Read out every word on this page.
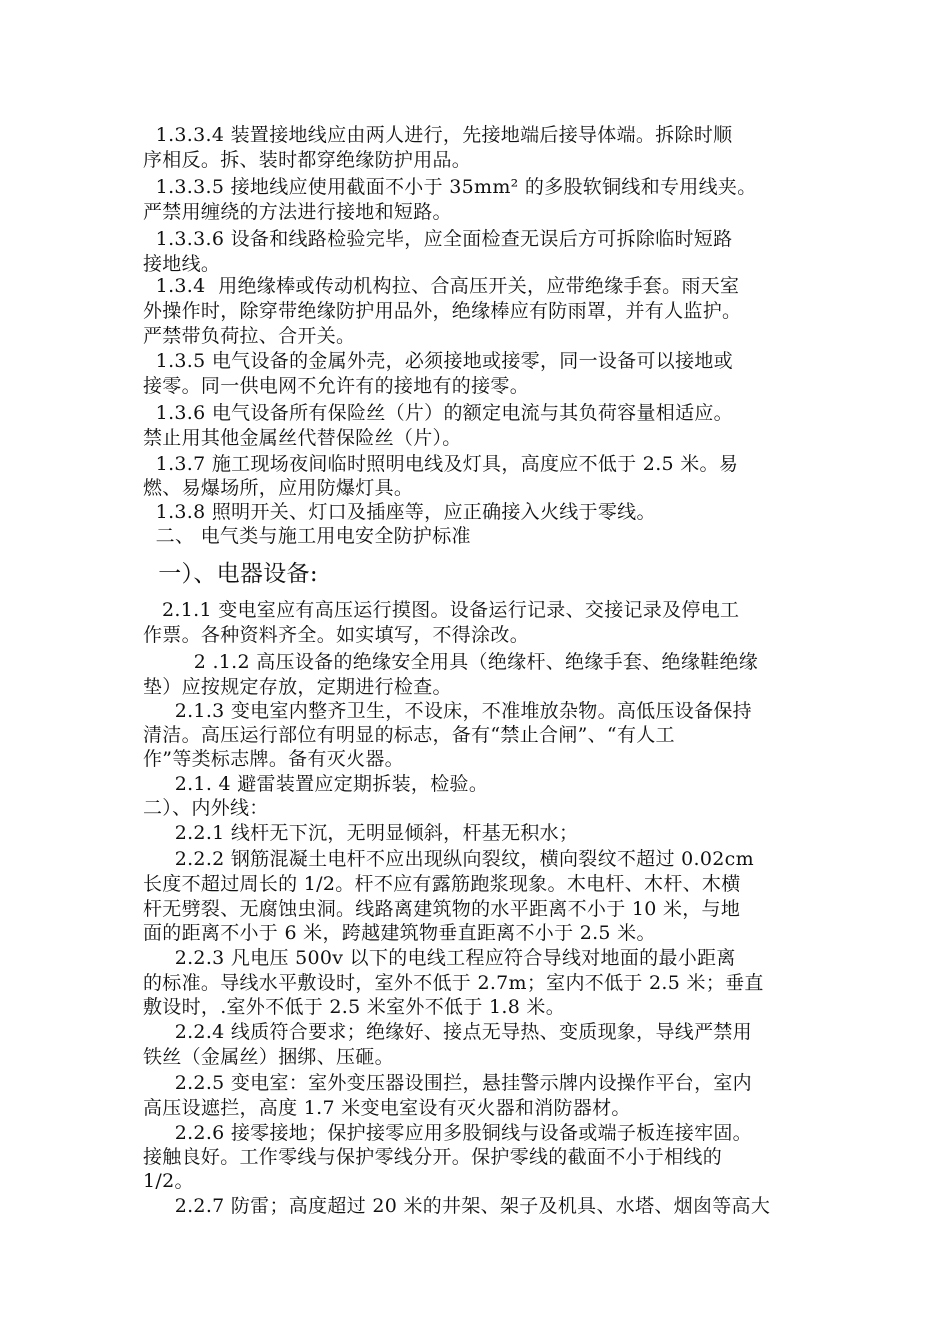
1.3.3.4 装置接地线应由两人进行，先接地端后接导体端。拆除时顺
序相反。拆、装时都穿绝缘防护用品。
1.3.3.5 接地线应使用截面不小于 35mm² 的多股软铜线和专用线夹。
严禁用缠绕的方法进行接地和短路。
1.3.3.6 设备和线路检验完毕，应全面检查无误后方可拆除临时短路
接地线。
1.3.4  用绝缘棒或传动机构拉、合高压开关，应带绝缘手套。雨天室
外操作时，除穿带绝缘防护用品外，绝缘棒应有防雨罩，并有人监护。
严禁带负荷拉、合开关。
1.3.5 电气设备的金属外壳，必须接地或接零，同一设备可以接地或
接零。同一供电网不允许有的接地有的接零。
1.3.6 电气设备所有保险丝（片）的额定电流与其负荷容量相适应。
禁止用其他金属丝代替保险丝（片）。
1.3.7 施工现场夜间临时照明电线及灯具，高度应不低于 2.5 米。易
燃、易爆场所，应用防爆灯具。
1.3.8 照明开关、灯口及插座等，应正确接入火线于零线。
二、 电气类与施工用电安全防护标准
一）、电器设备:
2.1.1 变电室应有高压运行摸图。设备运行记录、交接记录及停电工
作票。各种资料齐全。如实填写，不得涂改。
2 .1.2 高压设备的绝缘安全用具（绝缘杆、绝缘手套、绝缘鞋绝缘
垫）应按规定存放，定期进行检查。
2.1.3 变电室内整齐卫生，不设床，不准堆放杂物。高低压设备保持
清洁。高压运行部位有明显的标志，备有“禁止合闸”、“有人工
作”等类标志牌。备有灭火器。
2.1. 4 避雷装置应定期拆装，检验。
二）、内外线：
2.2.1 线杆无下沉，无明显倾斜，杆基无积水；
2.2.2 钢筋混凝土电杆不应出现纵向裂纹，横向裂纹不超过 0.02cm
长度不超过周长的 1/2。杆不应有露筋跑浆现象。木电杆、木杆、木横
杆无劈裂、无腐蚀虫洞。线路离建筑物的水平距离不小于 10 米，与地
面的距离不小于 6 米，跨越建筑物垂直距离不小于 2.5 米。
2.2.3 凡电压 500v 以下的电线工程应符合导线对地面的最小距离
的标准。导线水平敷设时，室外不低于 2.7m；室内不低于 2.5 米；垂直
敷设时，.室外不低于 2.5 米室外不低于 1.8 米。
2.2.4 线质符合要求；绝缘好、接点无导热、变质现象，导线严禁用
铁丝（金属丝）捆绑、压砸。
2.2.5 变电室：室外变压器设围拦，悬挂警示牌内设操作平台，室内
高压设遮拦，高度 1.7 米变电室设有灭火器和消防器材。
2.2.6 接零接地；保护接零应用多股铜线与设备或端子板连接牢固。
接触良好。工作零线与保护零线分开。保护零线的截面不小于相线的
1/2。
2.2.7 防雷；高度超过 20 米的井架、架子及机具、水塔、烟囱等高大
